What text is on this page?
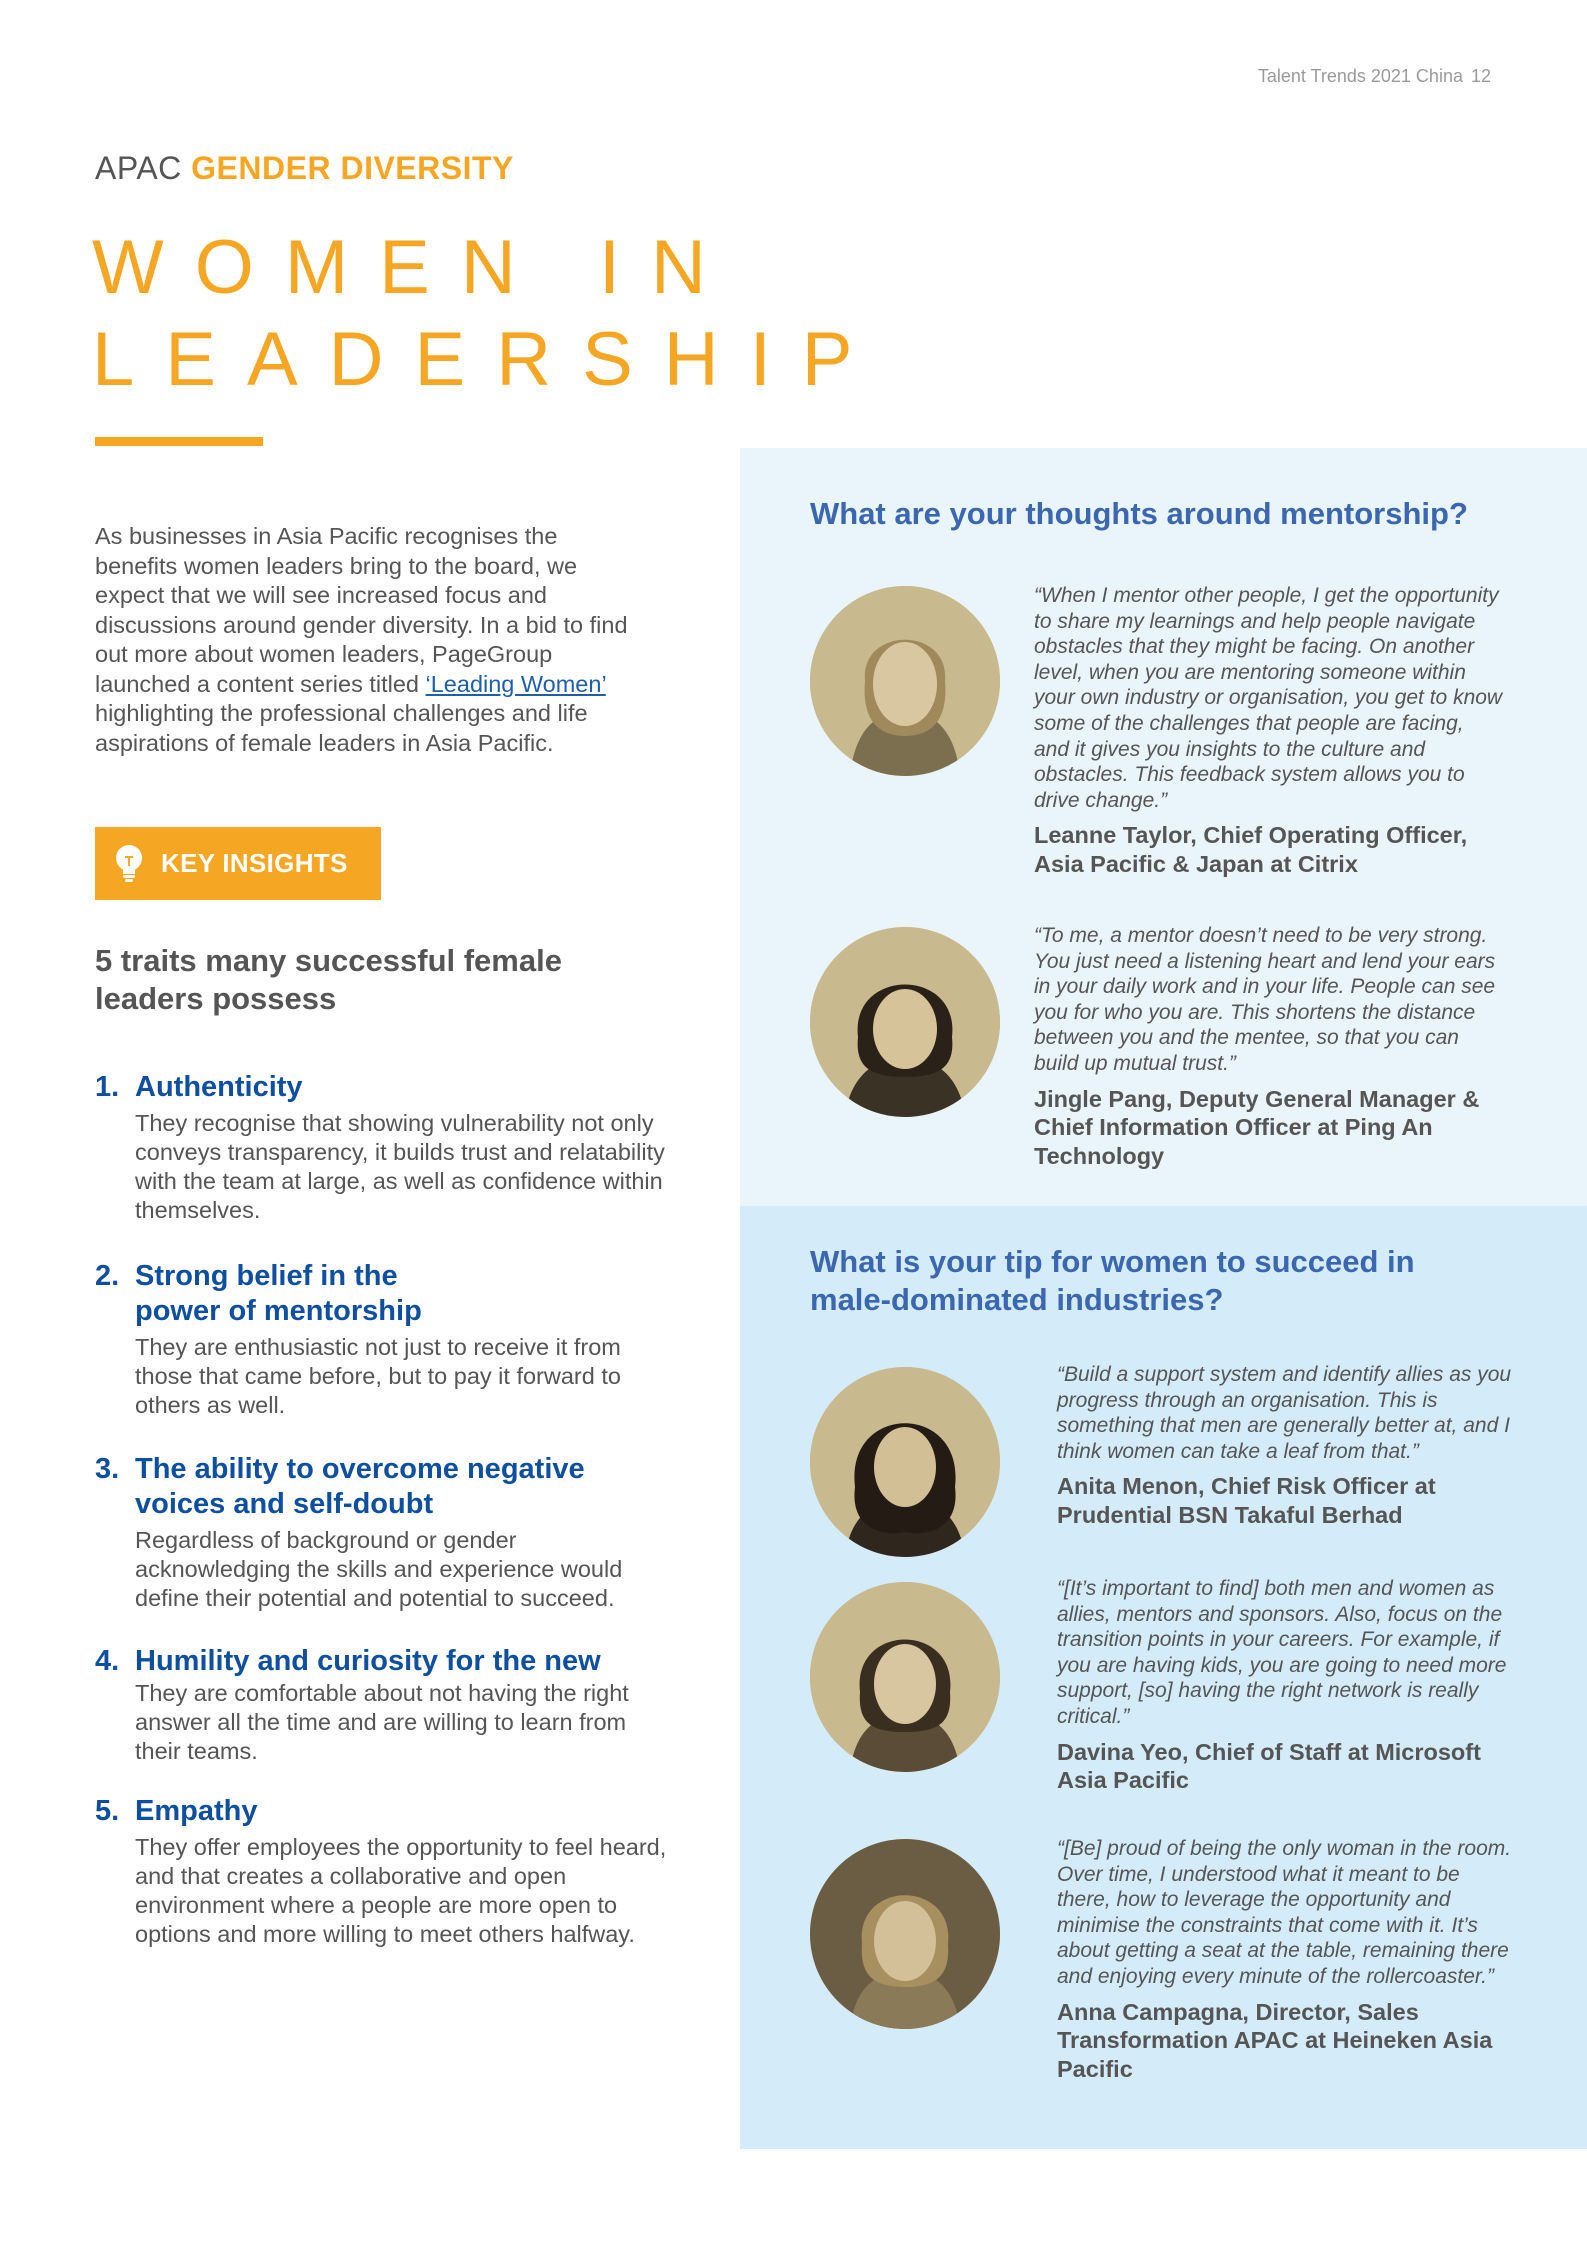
Talent Trends 2021 China 12
APAC GENDER DIVERSITY
WOMEN IN
LEADERSHIP
As businesses in Asia Pacific recognises the benefits women leaders bring to the board, we expect that we will see increased focus and discussions around gender diversity. In a bid to find out more about women leaders, PageGroup launched a content series titled ‘Leading Women’ highlighting the professional challenges and life aspirations of female leaders in Asia Pacific.
KEY INSIGHTS
5 traits many successful female leaders possess
1. Authenticity
They recognise that showing vulnerability not only conveys transparency, it builds trust and relatability with the team at large, as well as confidence within themselves.
2. Strong belief in the power of mentorship
They are enthusiastic not just to receive it from those that came before, but to pay it forward to others as well.
3. The ability to overcome negative voices and self-doubt
Regardless of background or gender acknowledging the skills and experience would define their potential and potential to succeed.
4. Humility and curiosity for the new
They are comfortable about not having the right answer all the time and are willing to learn from their teams.
5. Empathy
They offer employees the opportunity to feel heard, and that creates a collaborative and open environment where a people are more open to options and more willing to meet others halfway.
What are your thoughts around mentorship?
“When I mentor other people, I get the opportunity to share my learnings and help people navigate obstacles that they might be facing. On another level, when you are mentoring someone within your own industry or organisation, you get to know some of the challenges that people are facing, and it gives you insights to the culture and obstacles. This feedback system allows you to drive change.”
Leanne Taylor, Chief Operating Officer, Asia Pacific & Japan at Citrix
“To me, a mentor doesn’t need to be very strong. You just need a listening heart and lend your ears in your daily work and in your life. People can see you for who you are. This shortens the distance between you and the mentee, so that you can build up mutual trust.”
Jingle Pang, Deputy General Manager & Chief Information Officer at Ping An Technology
What is your tip for women to succeed in male-dominated industries?
“Build a support system and identify allies as you progress through an organisation. This is something that men are generally better at, and I think women can take a leaf from that.”
Anita Menon, Chief Risk Officer at Prudential BSN Takaful Berhad
“[It’s important to find] both men and women as allies, mentors and sponsors. Also, focus on the transition points in your careers. For example, if you are having kids, you are going to need more support, [so] having the right network is really critical.”
Davina Yeo, Chief of Staff at Microsoft Asia Pacific
“[Be] proud of being the only woman in the room. Over time, I understood what it meant to be there, how to leverage the opportunity and minimise the constraints that come with it. It’s about getting a seat at the table, remaining there and enjoying every minute of the rollercoaster.”
Anna Campagna, Director, Sales Transformation APAC at Heineken Asia Pacific
